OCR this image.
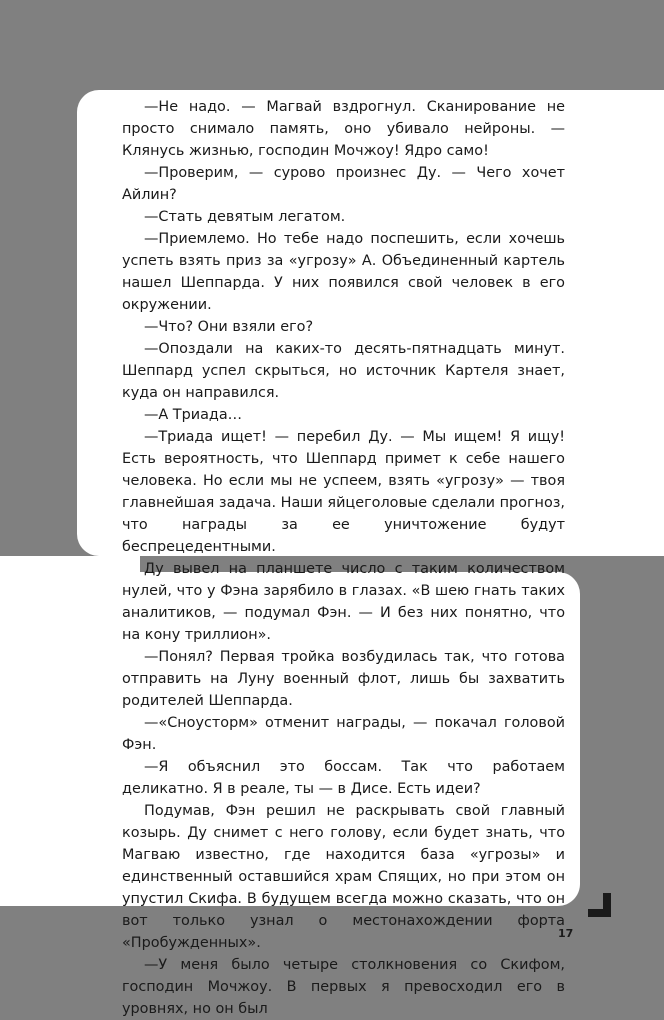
—Не надо. — Магвай вздрогнул. Сканирование не просто снимало память, оно убивало нейроны. — Клянусь жизнью, господин Мочжоу! Ядро само!

—Проверим, — сурово произнес Ду. — Чего хочет Айлин?

—Стать девятым легатом.

—Приемлемо. Но тебе надо поспешить, если хочешь успеть взять приз за «угрозу» А. Объединенный картель нашел Шеппарда. У них появился свой человек в его окружении.

—Что? Они взяли его?

—Опоздали на каких-то десять-пятнадцать минут. Шеппард успел скрыться, но источник Картеля знает, куда он направился.

—А Триада…

—Триада ищет! — перебил Ду. — Мы ищем! Я ищу! Есть вероятность, что Шеппард примет к себе нашего человека. Но если мы не успеем, взять «угрозу» — твоя главнейшая задача. Наши яйцеголовые сделали прогноз, что награды за ее уничтожение будут беспрецедентными.

Ду вывел на планшете число с таким количеством нулей, что у Фэна зарябило в глазах. «В шею гнать таких аналитиков, — подумал Фэн. — И без них понятно, что на кону триллион».

—Понял? Первая тройка возбудилась так, что готова отправить на Луну военный флот, лишь бы захватить родителей Шеппарда.

—«Сноусторм» отменит награды, — покачал головой Фэн.

—Я объяснил это боссам. Так что работаем деликатно. Я в реале, ты — в Дисе. Есть идеи?

Подумав, Фэн решил не раскрывать свой главный козырь. Ду снимет с него голову, если будет знать, что Магваю известно, где находится база «угрозы» и единственный оставшийся храм Спящих, но при этом он упустил Скифа. В будущем всегда можно сказать, что он вот только узнал о местонахождении форта «Пробужденных».

—У меня было четыре столкновения со Скифом, господин Мочжоу. В первых я превосходил его в уровнях, но он был

17
